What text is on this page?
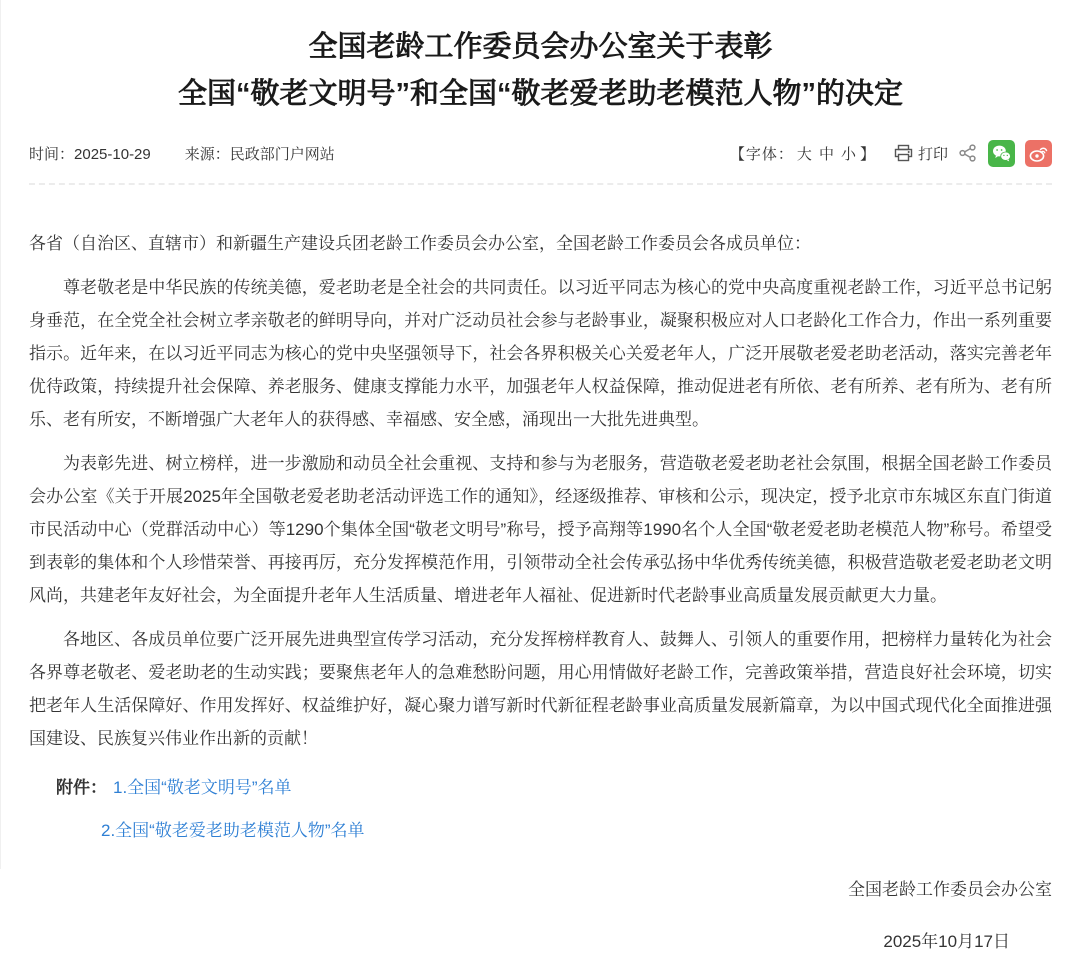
全国老龄工作委员会办公室关于表彰
全国“敬老文明号”和全国“敬老爱老助老模范人物”的决定
时间：2025-10-29 来源：民政部门户网站	【字体： 大 中 小 】	打印

各省（自治区、直辖市）和新疆生产建设兵团老龄工作委员会办公室，全国老龄工作委员会各成员单位：

尊老敬老是中华民族的传统美德，爱老助老是全社会的共同责任。以习近平同志为核心的党中央高度重视老龄工作，习近平总书记躬身垂范，在全党全社会树立孝亲敬老的鲜明导向，并对广泛动员社会参与老龄事业，凝聚积极应对人口老龄化工作合力，作出一系列重要指示。近年来，在以习近平同志为核心的党中央坚强领导下，社会各界积极关心关爱老年人，广泛开展敬老爱老助老活动，落实完善老年优待政策，持续提升社会保障、养老服务、健康支撑能力水平，加强老年人权益保障，推动促进老有所依、老有所养、老有所为、老有所乐、老有所安，不断增强广大老年人的获得感、幸福感、安全感，涌现出一大批先进典型。

为表彰先进、树立榜样，进一步激励和动员全社会重视、支持和参与为老服务，营造敬老爱老助老社会氛围，根据全国老龄工作委员会办公室《关于开展2025年全国敬老爱老助老活动评选工作的通知》，经逐级推荐、审核和公示，现决定，授予北京市东城区东直门街道市民活动中心（党群活动中心）等1290个集体全国“敬老文明号”称号，授予高翔等1990名个人全国“敬老爱老助老模范人物”称号。希望受到表彰的集体和个人珍惜荣誉、再接再厉，充分发挥模范作用，引领带动全社会传承弘扬中华优秀传统美德，积极营造敬老爱老助老文明风尚，共建老年友好社会，为全面提升老年人生活质量、增进老年人福祉、促进新时代老龄事业高质量发展贡献更大力量。

各地区、各成员单位要广泛开展先进典型宣传学习活动，充分发挥榜样教育人、鼓舞人、引领人的重要作用，把榜样力量转化为社会各界尊老敬老、爱老助老的生动实践；要聚焦老年人的急难愁盼问题，用心用情做好老龄工作，完善政策举措，营造良好社会环境，切实把老年人生活保障好、作用发挥好、权益维护好，凝心聚力谱写新时代新征程老龄事业高质量发展新篇章，为以中国式现代化全面推进强国建设、民族复兴伟业作出新的贡献！

附件： 1.全国“敬老文明号”名单
2.全国“敬老爱老助老模范人物”名单
全国老龄工作委员会办公室
2025年10月17日
